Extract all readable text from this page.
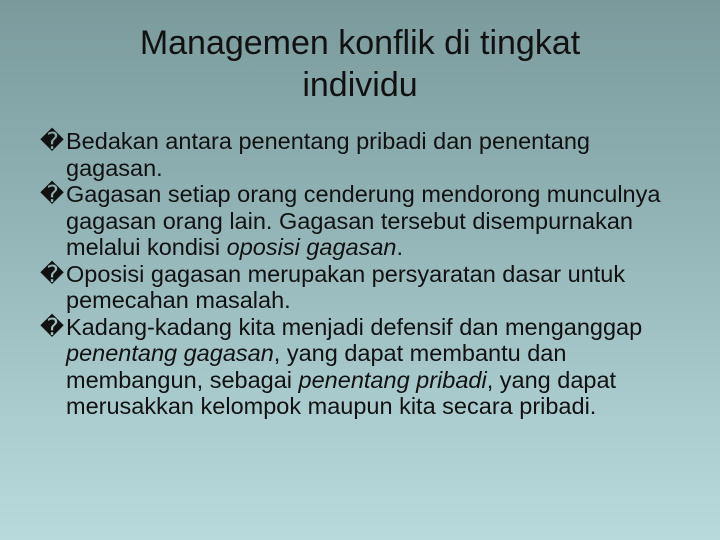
Managemen konflik di tingkat
individu
� Bedakan antara penentang pribadi dan penentang gagasan.
� Gagasan setiap orang cenderung mendorong munculnya gagasan orang lain. Gagasan tersebut disempurnakan melalui kondisi oposisi gagasan.
� Oposisi gagasan merupakan persyaratan dasar untuk pemecahan masalah.
� Kadang-kadang kita menjadi defensif dan menganggap penentang gagasan, yang dapat membantu dan membangun, sebagai penentang pribadi, yang dapat merusakkan kelompok maupun kita secara pribadi.
